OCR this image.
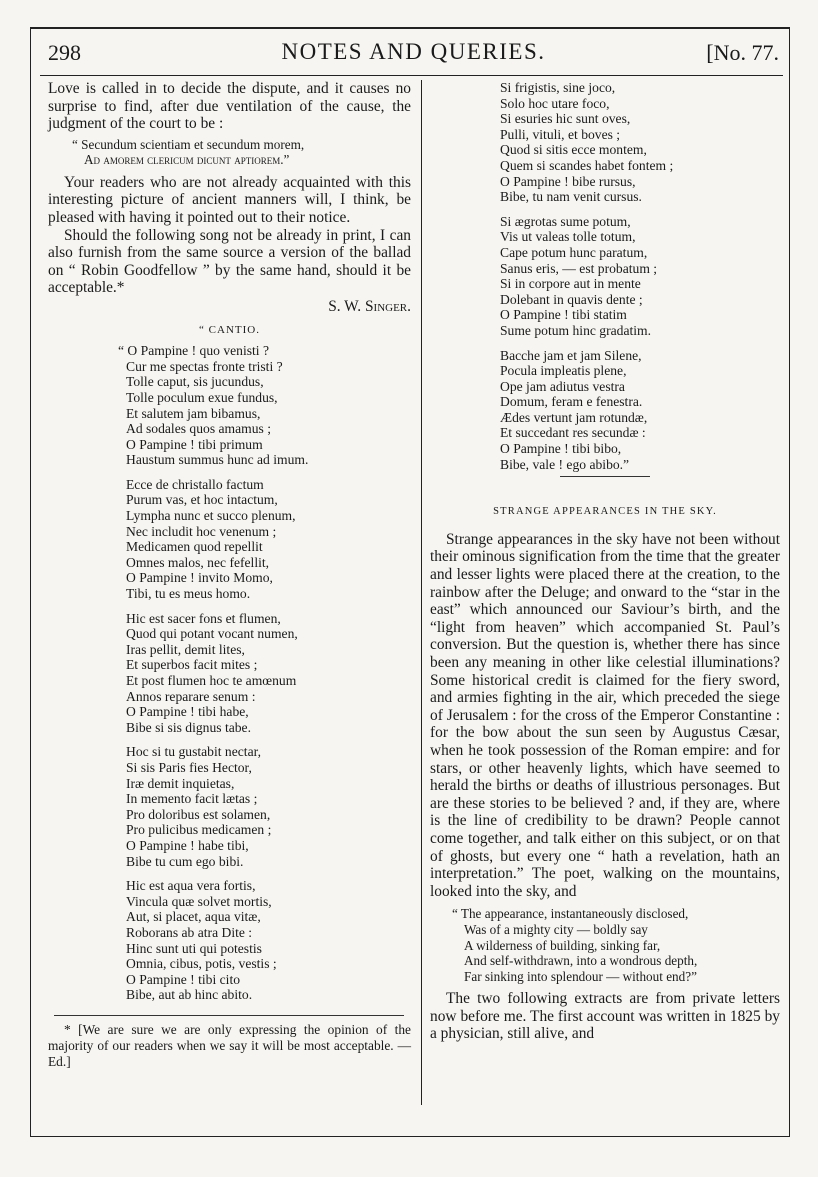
298	NOTES AND QUERIES.	[No. 77.

Love is called in to decide the dispute, and it causes no surprise to find, after due ventilation of the cause, the judgment of the court to be :

“ Secundum scientiam et secundum morem,
Ad amorem clericum dicunt aptiorem.”

Your readers who are not already acquainted with this interesting picture of ancient manners will, I think, be pleased with having it pointed out to their notice.

Should the following song not be already in print, I can also furnish from the same source a version of the ballad on “ Robin Goodfellow ” by the same hand, should it be acceptable.*

S. W. Singer.
“ CANTIO.
“ O Pampine ! quo venisti ?
Cur me spectas fronte tristi ?
Tolle caput, sis jucundus,
Tolle poculum exue fundus,
Et salutem jam bibamus,
Ad sodales quos amamus ;
O Pampine ! tibi primum
Haustum summus hunc ad imum.
Ecce de christallo factum
Purum vas, et hoc intactum,
Lympha nunc et succo plenum,
Nec includit hoc venenum ;
Medicamen quod repellit
Omnes malos, nec fefellit,
O Pampine ! invito Momo,
Tibi, tu es meus homo.
Hic est sacer fons et flumen,
Quod qui potant vocant numen,
Iras pellit, demit lites,
Et superbos facit mites ;
Et post flumen hoc te amœnum
Annos reparare senum :
O Pampine ! tibi habe,
Bibe si sis dignus tabe.
Hoc si tu gustabit nectar,
Si sis Paris fies Hector,
Iræ demit inquietas,
In memento facit lætas ;
Pro doloribus est solamen,
Pro pulicibus medicamen ;
O Pampine ! habe tibi,
Bibe tu cum ego bibi.
Hic est aqua vera fortis,
Vincula quæ solvet mortis,
Aut, si placet, aqua vitæ,
Roborans ab atra Dite :
Hinc sunt uti qui potestis
Omnia, cibus, potis, vestis ;
O Pampine ! tibi cito
Bibe, aut ab hinc abito.

* [We are sure we are only expressing the opinion of the majority of our readers when we say it will be most acceptable. — Ed.]

Si frigistis, sine joco,
Solo hoc utare foco,
Si esuries hic sunt oves,
Pulli, vituli, et boves ;
Quod si sitis ecce montem,
Quem si scandes habet fontem ;
O Pampine ! bibe rursus,
Bibe, tu nam venit cursus.
Si ægrotas sume potum,
Vis ut valeas tolle totum,
Cape potum hunc paratum,
Sanus eris, — est probatum ;
Si in corpore aut in mente
Dolebant in quavis dente ;
O Pampine ! tibi statim
Sume potum hinc gradatim.
Bacche jam et jam Silene,
Pocula impleatis plene,
Ope jam adiutus vestra
Domum, feram e fenestra.
Ædes vertunt jam rotundæ,
Et succedant res secundæ :
O Pampine ! tibi bibo,
Bibe, vale ! ego abibo.”
STRANGE APPEARANCES IN THE SKY.

Strange appearances in the sky have not been without their ominous signification from the time that the greater and lesser lights were placed there at the creation, to the rainbow after the Deluge; and onward to the “star in the east” which announced our Saviour’s birth, and the “light from heaven” which accompanied St. Paul’s conversion. But the question is, whether there has since been any meaning in other like celestial illuminations? Some historical credit is claimed for the fiery sword, and armies fighting in the air, which preceded the siege of Jerusalem : for the cross of the Emperor Constantine : for the bow about the sun seen by Augustus Cæsar, when he took possession of the Roman empire: and for stars, or other heavenly lights, which have seemed to herald the births or deaths of illustrious personages. But are these stories to be believed ? and, if they are, where is the line of credibility to be drawn? People cannot come together, and talk either on this subject, or on that of ghosts, but every one “ hath a revelation, hath an interpretation.” The poet, walking on the mountains, looked into the sky, and

“ The appearance, instantaneously disclosed,
Was of a mighty city — boldly say
A wilderness of building, sinking far,
And self-withdrawn, into a wondrous depth,
Far sinking into splendour — without end?”

The two following extracts are from private letters now before me. The first account was written in 1825 by a physician, still alive, and
